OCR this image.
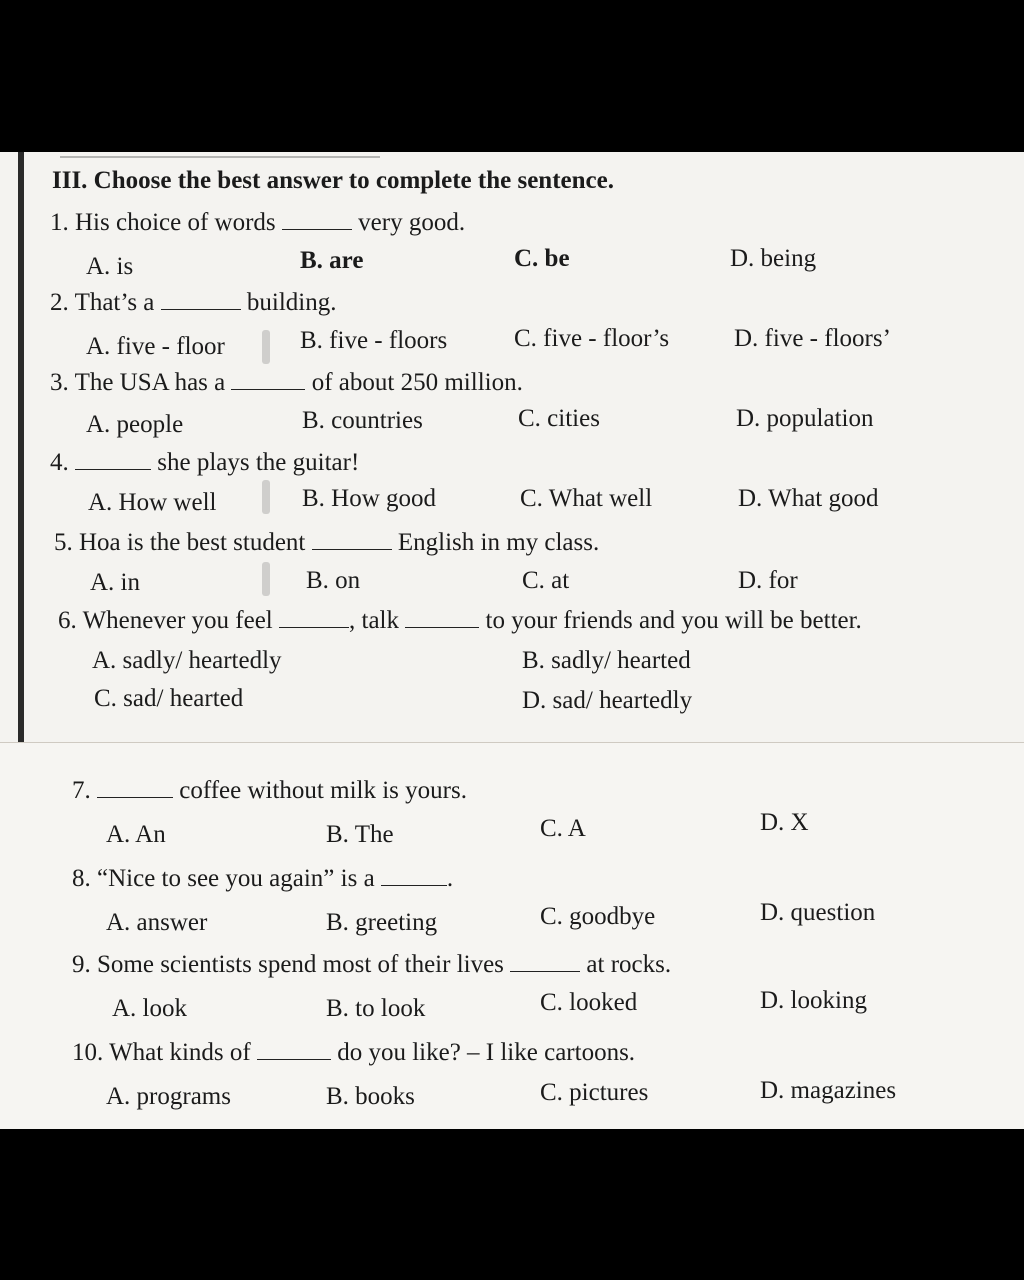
III. Choose the best answer to complete the sentence.
1. His choice of words	very good.
A. is	B. are	C. be	D. being
2. That’s a	building.
A. five - floor	B. five - floors	C. five - floor’s	D. five - floors’
3. The USA has a	of about 250 million.
A. people	B. countries	C. cities	D. population
4.	she plays the guitar!
A. How well	B. How good	C. What well	D. What good
5. Hoa is the best student	English in my class.
A. in	B. on	C. at	D. for
6. Whenever you feel	, talk	to your friends and you will be better.
A. sadly/ heartedly	B. sadly/ hearted
C. sad/ hearted	D. sad/ heartedly
7.	coffee without milk is yours.
A. An	B. The	C. A	D. X
8. “Nice to see you again” is a	.
A. answer	B. greeting	C. goodbye	D. question
9. Some scientists spend most of their lives	at rocks.
A. look	B. to look	C. looked	D. looking
10. What kinds of	do you like? – I like cartoons.
A. programs	B. books	C. pictures	D. magazines
